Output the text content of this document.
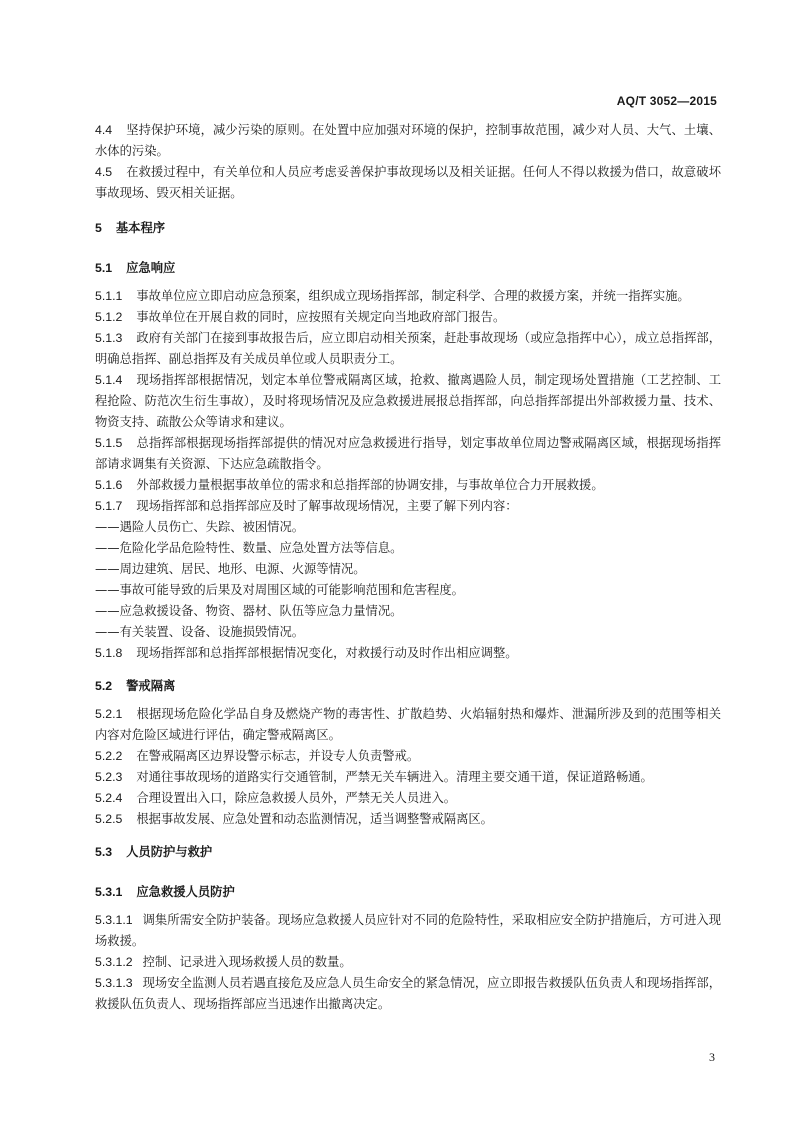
AQ/T 3052—2015
4.4 坚持保护环境，减少污染的原则。在处置中应加强对环境的保护，控制事故范围，减少对人员、大气、土壤、水体的污染。
4.5 在救援过程中，有关单位和人员应考虑妥善保护事故现场以及相关证据。任何人不得以救援为借口，故意破坏事故现场、毁灭相关证据。
5 基本程序
5.1 应急响应
5.1.1 事故单位应立即启动应急预案，组织成立现场指挥部，制定科学、合理的救援方案，并统一指挥实施。
5.1.2 事故单位在开展自救的同时，应按照有关规定向当地政府部门报告。
5.1.3 政府有关部门在接到事故报告后，应立即启动相关预案，赶赴事故现场（或应急指挥中心），成立总指挥部，明确总指挥、副总指挥及有关成员单位或人员职责分工。
5.1.4 现场指挥部根据情况，划定本单位警戒隔离区域，抢救、撤离遇险人员，制定现场处置措施（工艺控制、工程抢险、防范次生衍生事故），及时将现场情况及应急救援进展报总指挥部，向总指挥部提出外部救援力量、技术、物资支持、疏散公众等请求和建议。
5.1.5 总指挥部根据现场指挥部提供的情况对应急救援进行指导，划定事故单位周边警戒隔离区域，根据现场指挥部请求调集有关资源、下达应急疏散指令。
5.1.6 外部救援力量根据事故单位的需求和总指挥部的协调安排，与事故单位合力开展救援。
5.1.7 现场指挥部和总指挥部应及时了解事故现场情况，主要了解下列内容：
——遇险人员伤亡、失踪、被困情况。
——危险化学品危险特性、数量、应急处置方法等信息。
——周边建筑、居民、地形、电源、火源等情况。
——事故可能导致的后果及对周围区域的可能影响范围和危害程度。
——应急救援设备、物资、器材、队伍等应急力量情况。
——有关装置、设备、设施损毁情况。
5.1.8 现场指挥部和总指挥部根据情况变化，对救援行动及时作出相应调整。
5.2 警戒隔离
5.2.1 根据现场危险化学品自身及燃烧产物的毒害性、扩散趋势、火焰辐射热和爆炸、泄漏所涉及到的范围等相关内容对危险区域进行评估，确定警戒隔离区。
5.2.2 在警戒隔离区边界设警示标志，并设专人负责警戒。
5.2.3 对通往事故现场的道路实行交通管制，严禁无关车辆进入。清理主要交通干道，保证道路畅通。
5.2.4 合理设置出入口，除应急救援人员外，严禁无关人员进入。
5.2.5 根据事故发展、应急处置和动态监测情况，适当调整警戒隔离区。
5.3 人员防护与救护
5.3.1 应急救援人员防护
5.3.1.1 调集所需安全防护装备。现场应急救援人员应针对不同的危险特性，采取相应安全防护措施后，方可进入现场救援。
5.3.1.2 控制、记录进入现场救援人员的数量。
5.3.1.3 现场安全监测人员若遇直接危及应急人员生命安全的紧急情况，应立即报告救援队伍负责人和现场指挥部，救援队伍负责人、现场指挥部应当迅速作出撤离决定。
3
